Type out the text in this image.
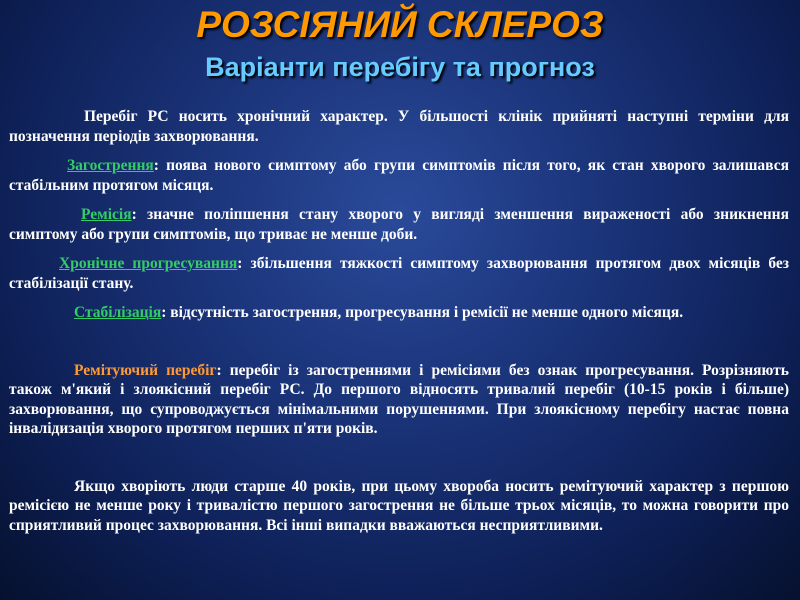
РОЗСІЯНИЙ СКЛЕРОЗ
Варіанти перебігу та прогноз

Перебіг РС носить хронічний характер. У більшості клінік прийняті наступні терміни для позначення періодів захворювання.

Загострення: поява нового симптому або групи симптомів після того, як стан хворого залишався стабільним протягом місяця.

Ремісія: значне поліпшення стану хворого у вигляді зменшення вираженості або зникнення симптому або групи симптомів, що триває не менше доби.

Хронічне прогресування: збільшення тяжкості симптому захворювання протягом двох місяців без стабілізації стану.

Стабілізація: відсутність загострення, прогресування і ремісії не менше одного місяця.

Ремітуючий перебіг: перебіг із загостреннями і ремісіями без ознак прогресування. Розрізняють також м'який і злоякісний перебіг РС. До першого відносять тривалий перебіг (10-15 років і більше) захворювання, що супроводжується мінімальними порушеннями. При злоякісному перебігу настає повна інвалідизація хворого протягом перших п'яти років.

Якщо хворіють люди старше 40 років, при цьому хвороба носить ремітуючий характер з першою ремісією не менше року і тривалістю першого загострення не більше трьох місяців, то можна говорити про сприятливий процес захворювання. Всі інші випадки вважаються несприятливими.
